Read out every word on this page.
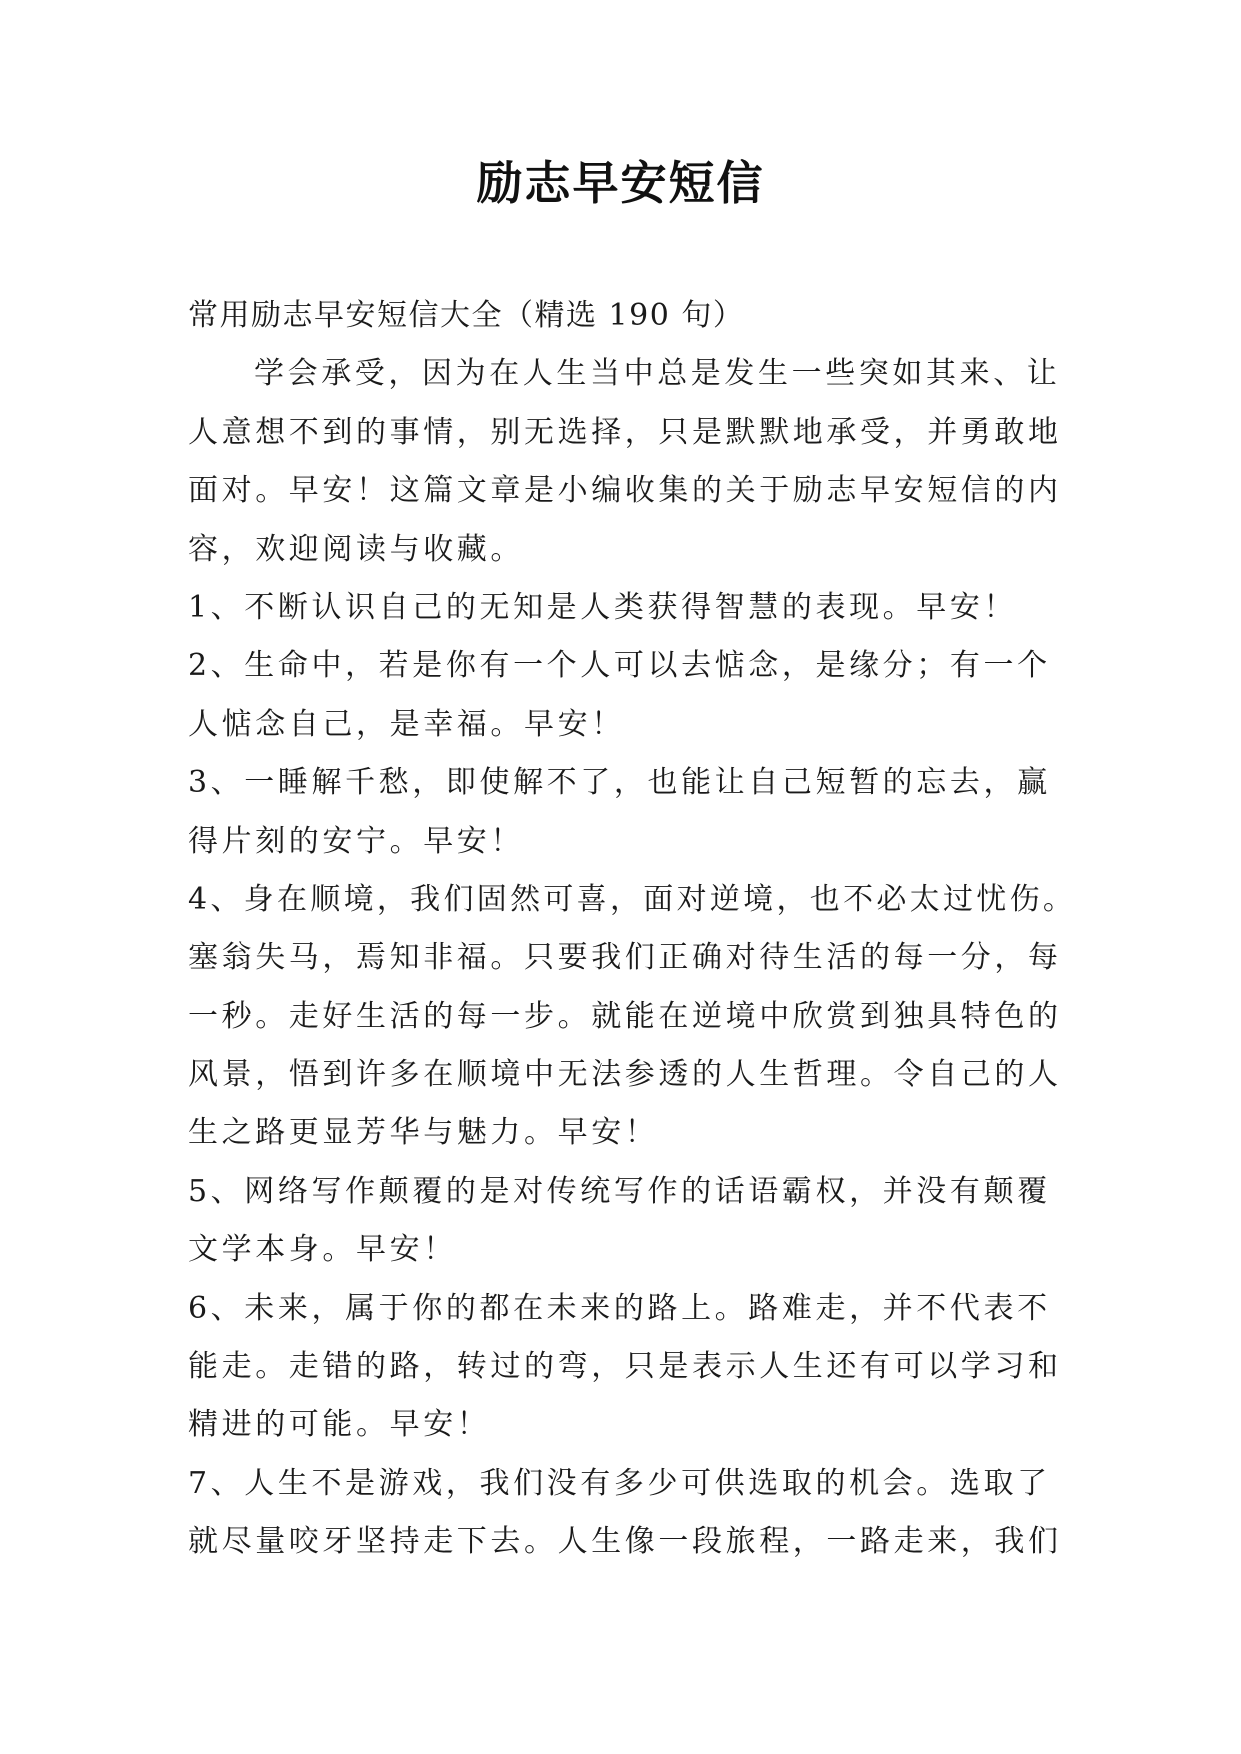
励志早安短信
常用励志早安短信大全（精选 190 句）
学会承受，因为在人生当中总是发生一些突如其来、让
人意想不到的事情，别无选择，只是默默地承受，并勇敢地
面对。早安！这篇文章是小编收集的关于励志早安短信的内
容，欢迎阅读与收藏。
1、不断认识自己的无知是人类获得智慧的表现。早安！
2、生命中，若是你有一个人可以去惦念，是缘分；有一个
人惦念自己，是幸福。早安！
3、一睡解千愁，即使解不了，也能让自己短暂的忘去，赢
得片刻的安宁。早安！
4、身在顺境，我们固然可喜，面对逆境，也不必太过忧伤。
塞翁失马，焉知非福。只要我们正确对待生活的每一分，每
一秒。走好生活的每一步。就能在逆境中欣赏到独具特色的
风景，悟到许多在顺境中无法参透的人生哲理。令自己的人
生之路更显芳华与魅力。早安！
5、网络写作颠覆的是对传统写作的话语霸权，并没有颠覆
文学本身。早安！
6、未来，属于你的都在未来的路上。路难走，并不代表不
能走。走错的路，转过的弯，只是表示人生还有可以学习和
精进的可能。早安！
7、人生不是游戏，我们没有多少可供选取的机会。选取了
就尽量咬牙坚持走下去。人生像一段旅程，一路走来，我们
